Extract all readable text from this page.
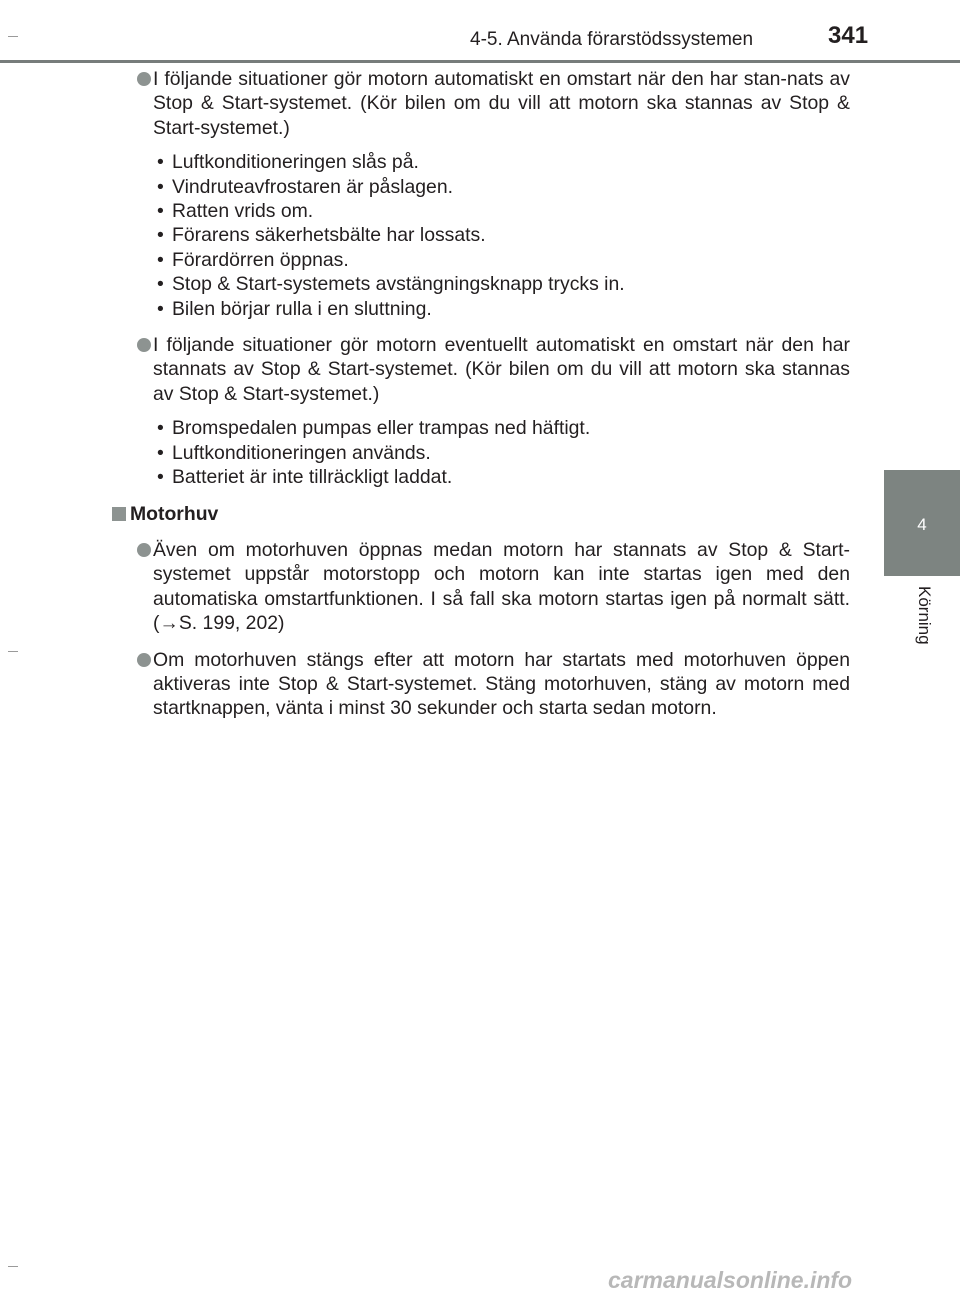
4-5. Använda förarstödssystemen	341
4
Körning

I följande situationer gör motorn automatiskt en omstart när den har stan-nats av Stop & Start-systemet. (Kör bilen om du vill att motorn ska stannas av Stop & Start-systemet.)

• Luftkonditioneringen slås på.
• Vindruteavfrostaren är påslagen.
• Ratten vrids om.
• Förarens säkerhetsbälte har lossats.
• Förardörren öppnas.
• Stop & Start-systemets avstängningsknapp trycks in.
• Bilen börjar rulla i en sluttning.

I följande situationer gör motorn eventuellt automatiskt en omstart när den har stannats av Stop & Start-systemet. (Kör bilen om du vill att motorn ska stannas av Stop & Start-systemet.)

• Bromspedalen pumpas eller trampas ned häftigt.
• Luftkonditioneringen används.
• Batteriet är inte tillräckligt laddat.
Motorhuv

Även om motorhuven öppnas medan motorn har stannats av Stop & Start-systemet uppstår motorstopp och motorn kan inte startas igen med den automatiska omstartfunktionen. I så fall ska motorn startas igen på normalt sätt. (→S. 199, 202)

Om motorhuven stängs efter att motorn har startats med motorhuven öppen aktiveras inte Stop & Start-systemet. Stäng motorhuven, stäng av motorn med startknappen, vänta i minst 30 sekunder och starta sedan motorn.

carmanualsonline.info
